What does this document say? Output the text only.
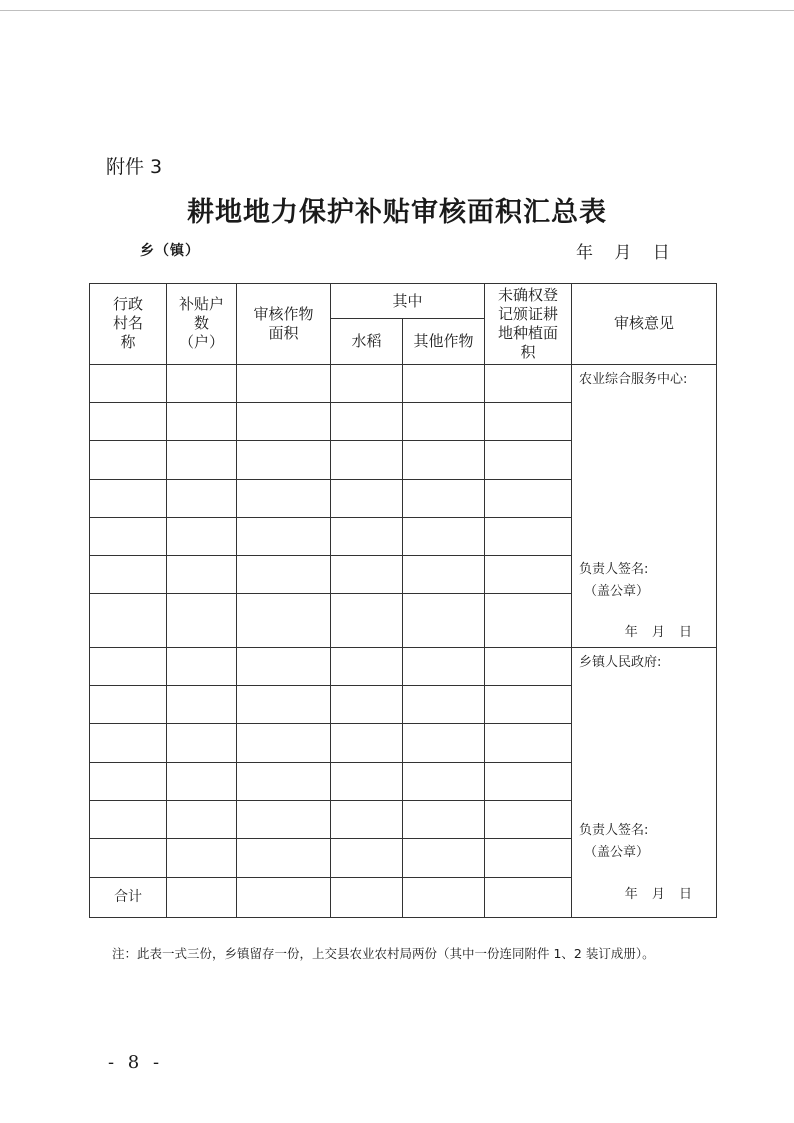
附件 3
耕地地力保护补贴审核面积汇总表
乡（镇）	年 月 日
行政村名称	补贴户数（户）	审核作物面积	其中		未确权登记颁证耕地种植面积	审核意见
			水稻	其他作物		

						农业综合服务中心:
负责人签名:
（盖公章）
年 月 日

						乡镇人民政府:
负责人签名:
（盖公章）
年 月 日

合计						
注：此表一式三份，乡镇留存一份，上交县农业农村局两份（其中一份连同附件 1、2 装订成册）。
- 8 -
